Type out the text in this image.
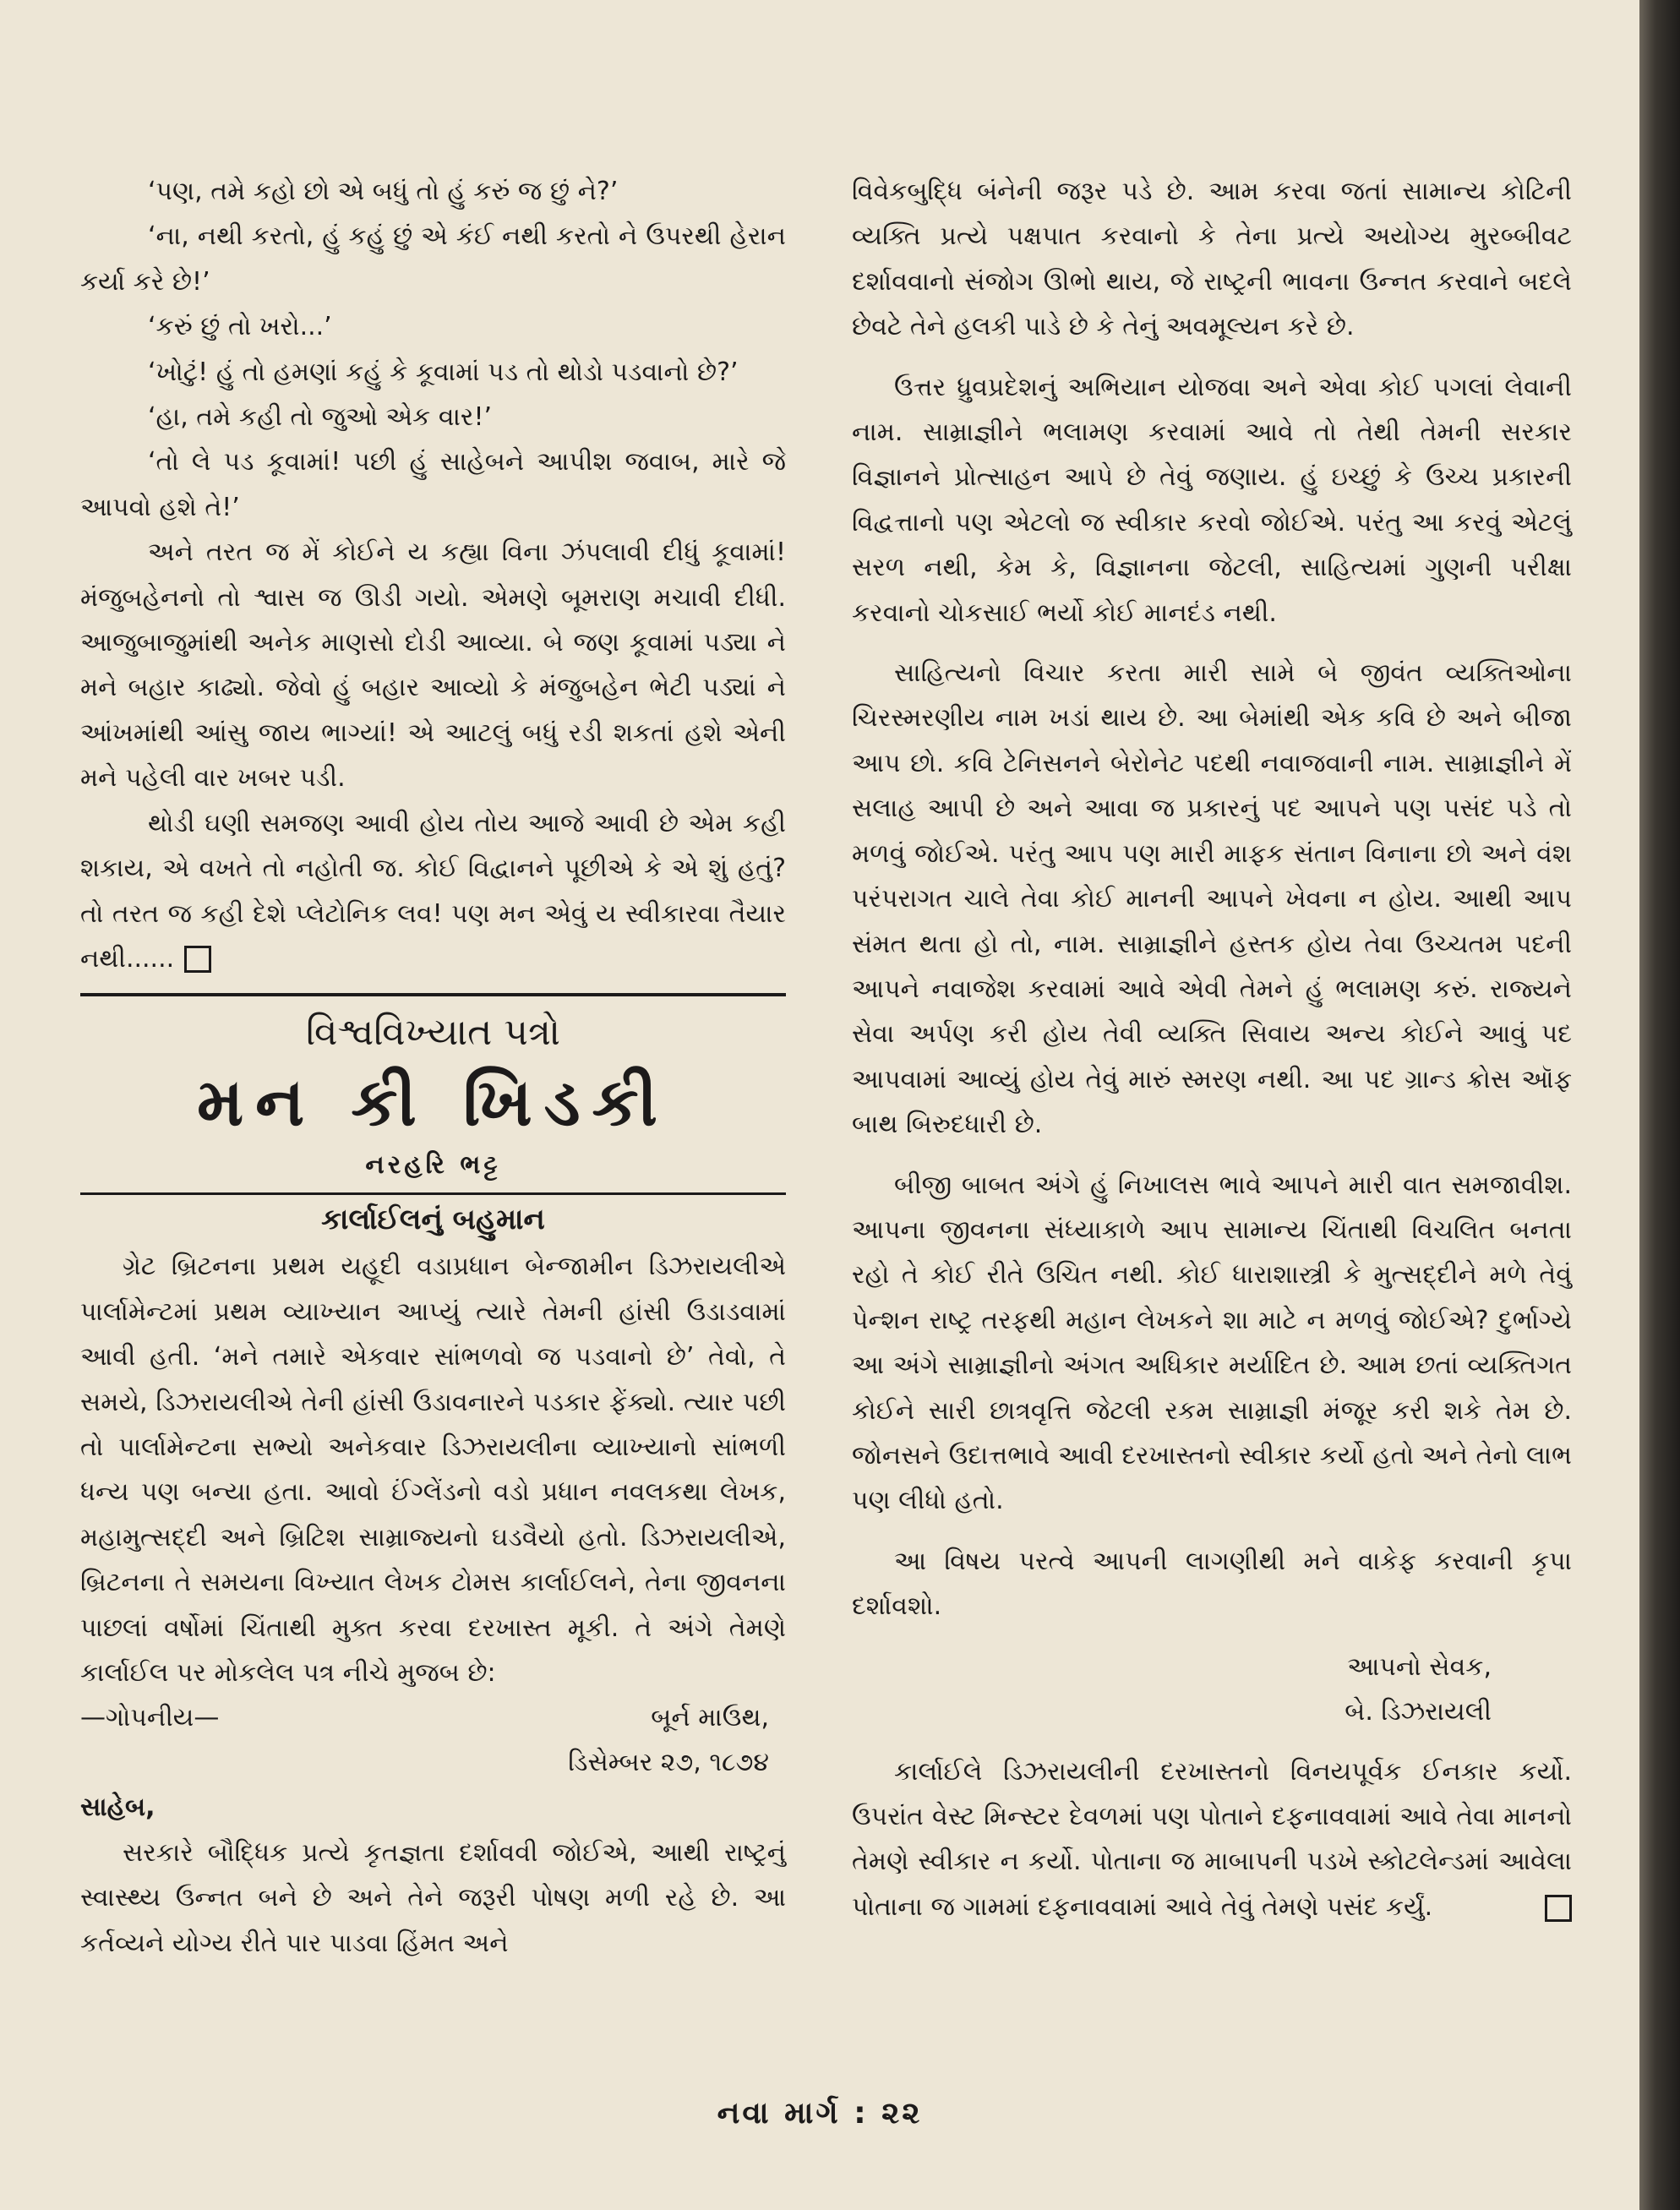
‘પણ, તમે કહો છો એ બધું તો હું કરું જ છું ને?’

‘ના, નથી કરતો, હું કહું છું એ કંઈ નથી કરતો ને ઉપરથી હેરાન કર્યા કરે છે!’

‘કરું છું તો ખરો...’

‘ખોટું! હું તો હમણાં કહું કે કૂવામાં પડ તો થોડો પડવાનો છે?’

‘હા, તમે કહી તો જુઓ એક વાર!’

‘તો લે પડ કૂવામાં! પછી હું સાહેબને આપીશ જવાબ, મારે જે આપવો હશે તે!’

અને તરત જ મેં કોઈને ય કહ્યા વિના ઝંપલાવી દીધું કૂવામાં! મંજુબહેનનો તો શ્વાસ જ ઊડી ગયો. એમણે બૂમરાણ મચાવી દીધી. આજુબાજુમાંથી અનેક માણસો દોડી આવ્યા. બે જણ કૂવામાં પડ્યા ને મને બહાર કાઢ્યો. જેવો હું બહાર આવ્યો કે મંજુબહેન ભેટી પડ્યાં ને આંખમાંથી આંસુ જાય ભાગ્યાં! એ આટલું બધું રડી શકતાં હશે એની મને પહેલી વાર ખબર પડી.

થોડી ઘણી સમજણ આવી હોય તોય આજે આવી છે એમ કહી શકાય, એ વખતે તો નહોતી જ. કોઈ વિદ્વાનને પૂછીએ કે એ શું હતું? તો તરત જ કહી દેશે પ્લેટોનિક લવ! પણ મન એવું ય સ્વીકારવા તૈયાર નથી......

વિશ્વવિખ્યાત પત્રો
મન કી ખિડકી
નરહરિ ભટ્ટ
કાર્લાઈલનું બહુમાન

ગ્રેટ બ્રિટનના પ્રથમ યહૂદી વડાપ્રધાન બેન્જામીન ડિઝરાયલીએ પાર્લામેન્ટમાં પ્રથમ વ્યાખ્યાન આપ્યું ત્યારે તેમની હાંસી ઉડાડવામાં આવી હતી. ‘મને તમારે એકવાર સાંભળવો જ પડવાનો છે’ તેવો, તે સમયે, ડિઝરાયલીએ તેની હાંસી ઉડાવનારને પડકાર ફેંક્યો. ત્યાર પછી તો પાર્લામેન્ટના સભ્યો અનેકવાર ડિઝરાયલીના વ્યાખ્યાનો સાંભળી ધન્ય પણ બન્યા હતા. આવો ઈંગ્લેંડનો વડો પ્રધાન નવલકથા લેખક, મહામુત્સદ્દી અને બ્રિટિશ સામ્રાજ્યનો ઘડવૈયો હતો. ડિઝરાયલીએ, બ્રિટનના તે સમયના વિખ્યાત લેખક ટોમસ કાર્લાઈલને, તેના જીવનના પાછલાં વર્ષોમાં ચિંતાથી મુક્ત કરવા દરખાસ્ત મૂકી. તે અંગે તેમણે કાર્લાઈલ પર મોકલેલ પત્ર નીચે મુજબ છે:

—ગોપનીય—	બૂર્ન માઉથ,
ડિસેમ્બર ૨૭, ૧૮૭૪

સાહેબ,

સરકારે બૌદ્ધિક પ્રત્યે કૃતજ્ઞતા દર્શાવવી જોઈએ, આથી રાષ્ટ્રનું સ્વાસ્થ્ય ઉન્નત બને છે અને તેને જરૂરી પોષણ મળી રહે છે. આ કર્તવ્યને યોગ્ય રીતે પાર પાડવા હિંમત અને

વિવેકબુદ્ધિ બંનેની જરૂર પડે છે. આમ કરવા જતાં સામાન્ય કોટિની વ્યક્તિ પ્રત્યે પક્ષપાત કરવાનો કે તેના પ્રત્યે અયોગ્ય મુરબ્બીવટ દર્શાવવાનો સંજોગ ઊભો થાય, જે રાષ્ટ્રની ભાવના ઉન્નત કરવાને બદલે છેવટે તેને હલકી પાડે છે કે તેનું અવમૂલ્યન કરે છે.

ઉત્તર ધ્રુવપ્રદેશનું અભિયાન યોજવા અને એવા કોઈ પગલાં લેવાની નામ. સામ્રાજ્ઞીને ભલામણ કરવામાં આવે તો તેથી તેમની સરકાર વિજ્ઞાનને પ્રોત્સાહન આપે છે તેવું જણાય. હું ઇચ્છું કે ઉચ્ચ પ્રકારની વિદ્વત્તાનો પણ એટલો જ સ્વીકાર કરવો જોઈએ. પરંતુ આ કરવું એટલું સરળ નથી, કેમ કે, વિજ્ઞાનના જેટલી, સાહિત્યમાં ગુણની પરીક્ષા કરવાનો ચોકસાઈ ભર્યો કોઈ માનદંડ નથી.

સાહિત્યનો વિચાર કરતા મારી સામે બે જીવંત વ્યક્તિઓના ચિરસ્મરણીય નામ ખડાં થાય છે. આ બેમાંથી એક કવિ છે અને બીજા આપ છો. કવિ ટેનિસનને બેરોનેટ પદથી નવાજવાની નામ. સામ્રાજ્ઞીને મેં સલાહ આપી છે અને આવા જ પ્રકારનું પદ આપને પણ પસંદ પડે તો મળવું જોઈએ. પરંતુ આપ પણ મારી માફક સંતાન વિનાના છો અને વંશ પરંપરાગત ચાલે તેવા કોઈ માનની આપને ખેવના ન હોય. આથી આપ સંમત થતા હો તો, નામ. સામ્રાજ્ઞીને હસ્તક હોય તેવા ઉચ્ચતમ પદની આપને નવાજેશ કરવામાં આવે એવી તેમને હું ભલામણ કરું. રાજ્યને સેવા અર્પણ કરી હોય તેવી વ્યક્તિ સિવાય અન્ય કોઈને આવું પદ આપવામાં આવ્યું હોય તેવું મારું સ્મરણ નથી. આ પદ ગ્રાન્ડ ક્રોસ ઑફ બાથ બિરુદધારી છે.

બીજી બાબત અંગે હું નિખાલસ ભાવે આપને મારી વાત સમજાવીશ. આપના જીવનના સંધ્યાકાળે આપ સામાન્ય ચિંતાથી વિચલિત બનતા રહો તે કોઈ રીતે ઉચિત નથી. કોઈ ધારાશાસ્ત્રી કે મુત્સદ્દીને મળે તેવું પેન્શન રાષ્ટ્ર તરફથી મહાન લેખકને શા માટે ન મળવું જોઈએ? દુર્ભાગ્યે આ અંગે સામ્રાજ્ઞીનો અંગત અધિકાર મર્યાદિત છે. આમ છતાં વ્યક્તિગત કોઈને સારી છાત્રવૃત્તિ જેટલી રકમ સામ્રાજ્ઞી મંજૂર કરી શકે તેમ છે. જોનસને ઉદાત્તભાવે આવી દરખાસ્તનો સ્વીકાર કર્યો હતો અને તેનો લાભ પણ લીધો હતો.

આ વિષય પરત્વે આપની લાગણીથી મને વાકેફ કરવાની કૃપા દર્શાવશો.

આપનો સેવક,
બે. ડિઝરાયલી

કાર્લાઈલે ડિઝરાયલીની દરખાસ્તનો વિનયપૂર્વક ઈનકાર કર્યો. ઉપરાંત વેસ્ટ મિન્સ્ટર દેવળમાં પણ પોતાને દફનાવવામાં આવે તેવા માનનો તેમણે સ્વીકાર ન કર્યો. પોતાના જ માબાપની પડખે સ્કોટલેન્ડમાં આવેલા પોતાના જ ગામમાં દફનાવવામાં આવે તેવું તેમણે પસંદ કર્યું.

નવા માર્ગ : ૨૨
